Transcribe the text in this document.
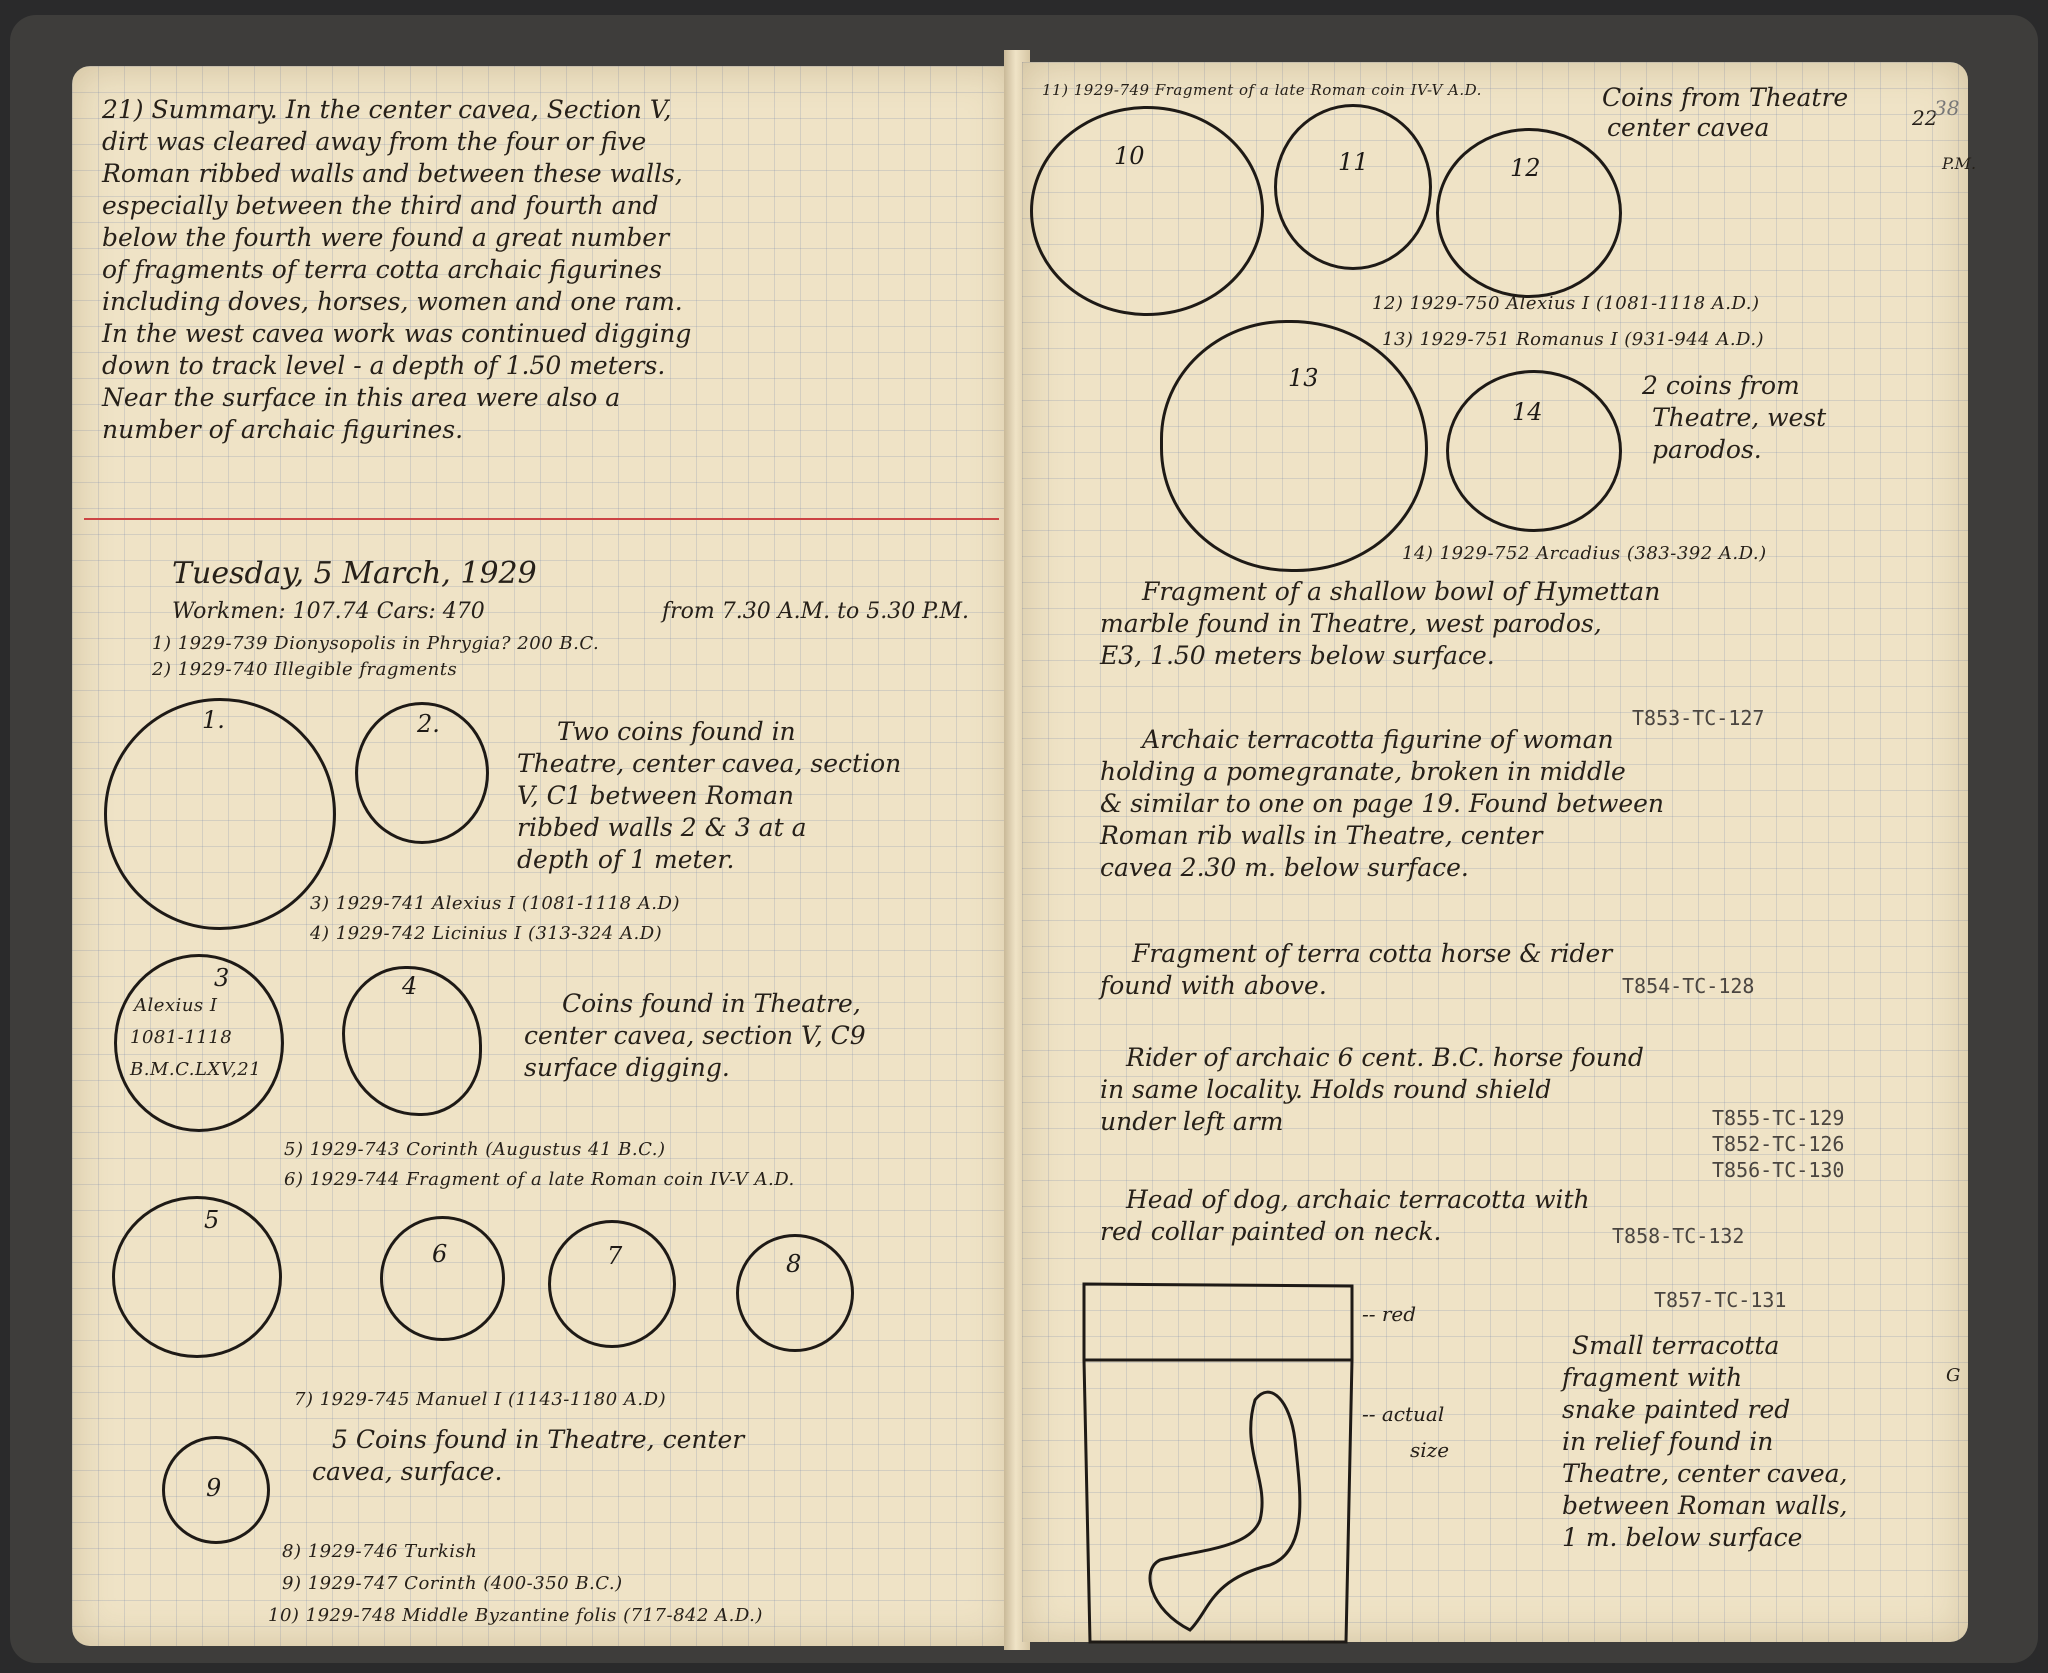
21) Summary. In the center cavea, Section V,

dirt was cleared away from the four or five

Roman ribbed walls and between these walls,

especially between the third and fourth and

below the fourth were found a great number

of fragments of terra cotta archaic figurines

including doves, horses, women and one ram.

In the west cavea work was continued digging

down to track level - a depth of 1.50 meters.

Near the surface in this area were also a

number of archaic figurines.

Tuesday, 5 March, 1929

Workmen: 107.74 Cars: 470	from 7.30 A.M. to 5.30 P.M.

1) 1929-739 Dionysopolis in Phrygia? 200 B.C.

2) 1929-740 Illegible fragments

1.	2.	Two coins found in

Theatre, center cavea, section

V, C1 between Roman

ribbed walls 2 & 3 at a

depth of 1 meter.

3) 1929-741 Alexius I (1081-1118 A.D)

4) 1929-742 Licinius I (313-324 A.D)

3

Alexius I

1081-1118

B.M.C.LXV,21

4

Coins found in Theatre,

center cavea, section V, C9

surface digging.

5) 1929-743 Corinth (Augustus 41 B.C.)

6) 1929-744 Fragment of a late Roman coin IV-V A.D.

5

6	7	8

7) 1929-745 Manuel I (1143-1180 A.D)

9

5 Coins found in Theatre, center

cavea, surface.

8) 1929-746 Turkish

9) 1929-747 Corinth (400-350 B.C.)

10) 1929-748 Middle Byzantine folis (717-842 A.D.)

11) 1929-749 Fragment of a late Roman coin IV-V A.D.	Coins from Theatre

center cavea	22

38

P.M.

10	11	12

12) 1929-750 Alexius I (1081-1118 A.D.)

13) 1929-751 Romanus I (931-944 A.D.)

13

14

2 coins from

Theatre, west

parodos.

14) 1929-752 Arcadius (383-392 A.D.)

Fragment of a shallow bowl of Hymettan

marble found in Theatre, west parodos,

E3, 1.50 meters below surface.

T853-TC-127

Archaic terracotta figurine of woman

holding a pomegranate, broken in middle

& similar to one on page 19. Found between

Roman rib walls in Theatre, center

cavea 2.30 m. below surface.

Fragment of terra cotta horse & rider

found with above.	T854-TC-128

Rider of archaic 6 cent. B.C. horse found

in same locality. Holds round shield

under left arm	T855-TC-129

T852-TC-126

T856-TC-130

Head of dog, archaic terracotta with

red collar painted on neck.	T858-TC-132

T857-TC-131

-- red

-- actual

size

Small terracotta

fragment with

snake painted red

in relief found in

Theatre, center cavea,

between Roman walls,

1 m. below surface

G
